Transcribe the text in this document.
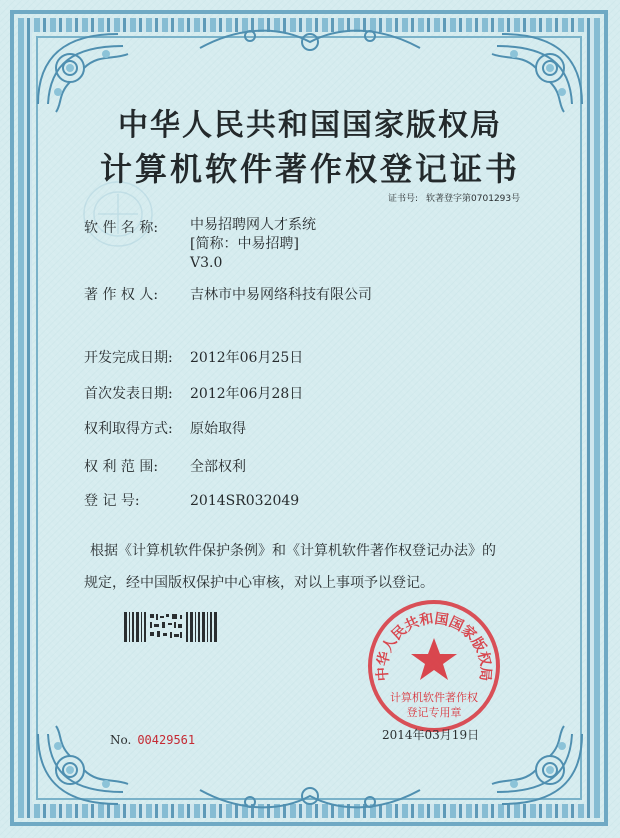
中华人民共和国国家版权局
计算机软件著作权登记证书
证书号: 软著登字第0701293号
软 件 名 称:	中易招聘网人才系统
[简称：中易招聘]
V3.0
著 作 权 人: 吉林市中易网络科技有限公司
开发完成日期: 2012年06月25日
首次发表日期: 2012年06月28日
权利取得方式: 原始取得
权 利 范 围: 全部权利
登 记 号:	2014SR032049
根据《计算机软件保护条例》和《计算机软件著作权登记办法》的
规定，经中国版权保护中心审核，对以上事项予以登记。
No. 00429561
中华人民共和国国家版权局
计算机软件著作权
登记专用章
2014年03月19日
